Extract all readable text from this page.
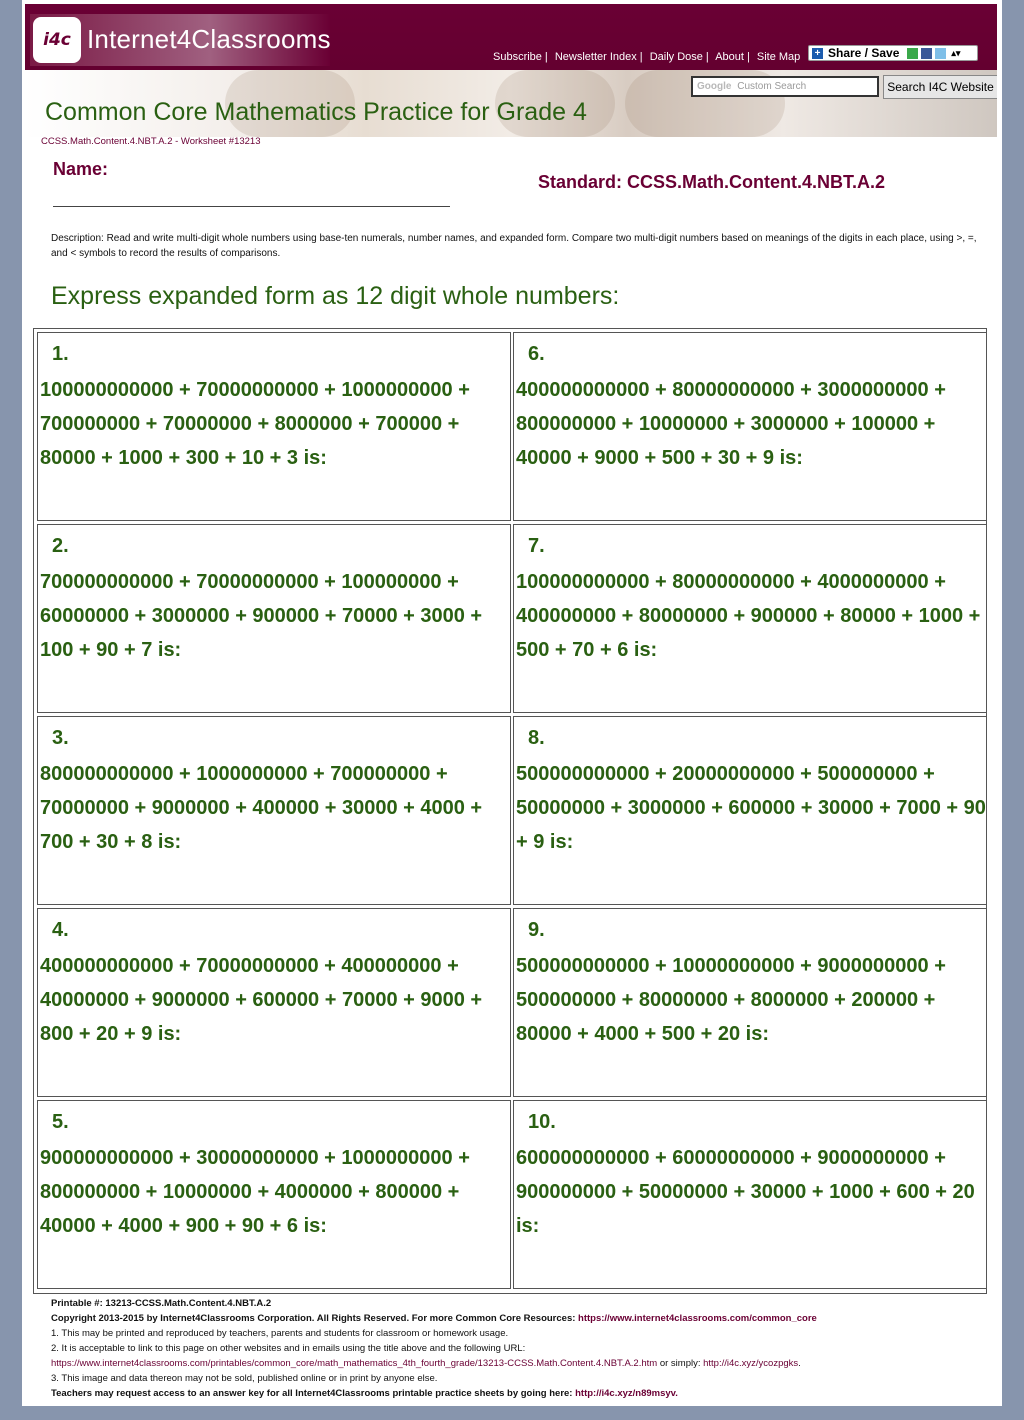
i4c Internet4Classrooms
Subscribe | Newsletter Index | Daily Dose | About | Site Map + Share / Save	▴▾
Google Custom Search	Search I4C Website
Common Core Mathematics Practice for Grade 4
CCSS.Math.Content.4.NBT.A.2 - Worksheet #13213
Name:
Standard: CCSS.Math.Content.4.NBT.A.2
Description: Read and write multi-digit whole numbers using base-ten numerals, number names, and expanded form. Compare two multi-digit numbers based on meanings of the digits in each place, using >, =, and < symbols to record the results of comparisons.
Express expanded form as 12 digit whole numbers:
1.
100000000000 + 70000000000 + 1000000000 + 700000000 + 70000000 + 8000000 + 700000 + 80000 + 1000 + 300 + 10 + 3 is:
2.
700000000000 + 70000000000 + 100000000 + 60000000 + 3000000 + 900000 + 70000 + 3000 + 100 + 90 + 7 is:
3.
800000000000 + 1000000000 + 700000000 + 70000000 + 9000000 + 400000 + 30000 + 4000 + 700 + 30 + 8 is:
4.
400000000000 + 70000000000 + 400000000 + 40000000 + 9000000 + 600000 + 70000 + 9000 + 800 + 20 + 9 is:
5.
900000000000 + 30000000000 + 1000000000 + 800000000 + 10000000 + 4000000 + 800000 + 40000 + 4000 + 900 + 90 + 6 is:
6.
400000000000 + 80000000000 + 3000000000 + 800000000 + 10000000 + 3000000 + 100000 + 40000 + 9000 + 500 + 30 + 9 is:
7.
100000000000 + 80000000000 + 4000000000 + 400000000 + 80000000 + 900000 + 80000 + 1000 + 500 + 70 + 6 is:
8.
500000000000 + 20000000000 + 500000000 + 50000000 + 3000000 + 600000 + 30000 + 7000 + 90 + 9 is:
9.
500000000000 + 10000000000 + 9000000000 + 500000000 + 80000000 + 8000000 + 200000 + 80000 + 4000 + 500 + 20 is:
10.
600000000000 + 60000000000 + 9000000000 + 900000000 + 50000000 + 30000 + 1000 + 600 + 20 is:
Printable #: 13213-CCSS.Math.Content.4.NBT.A.2
Copyright 2013-2015 by Internet4Classrooms Corporation. All Rights Reserved. For more Common Core Resources: https://www.internet4classrooms.com/common_core
1. This may be printed and reproduced by teachers, parents and students for classroom or homework usage.
2. It is acceptable to link to this page on other websites and in emails using the title above and the following URL:
https://www.internet4classrooms.com/printables/common_core/math_mathematics_4th_fourth_grade/13213-CCSS.Math.Content.4.NBT.A.2.htm or simply: http://i4c.xyz/ycozpgks.
3. This image and data thereon may not be sold, published online or in print by anyone else.
Teachers may request access to an answer key for all Internet4Classrooms printable practice sheets by going here: http://i4c.xyz/n89msyv.
